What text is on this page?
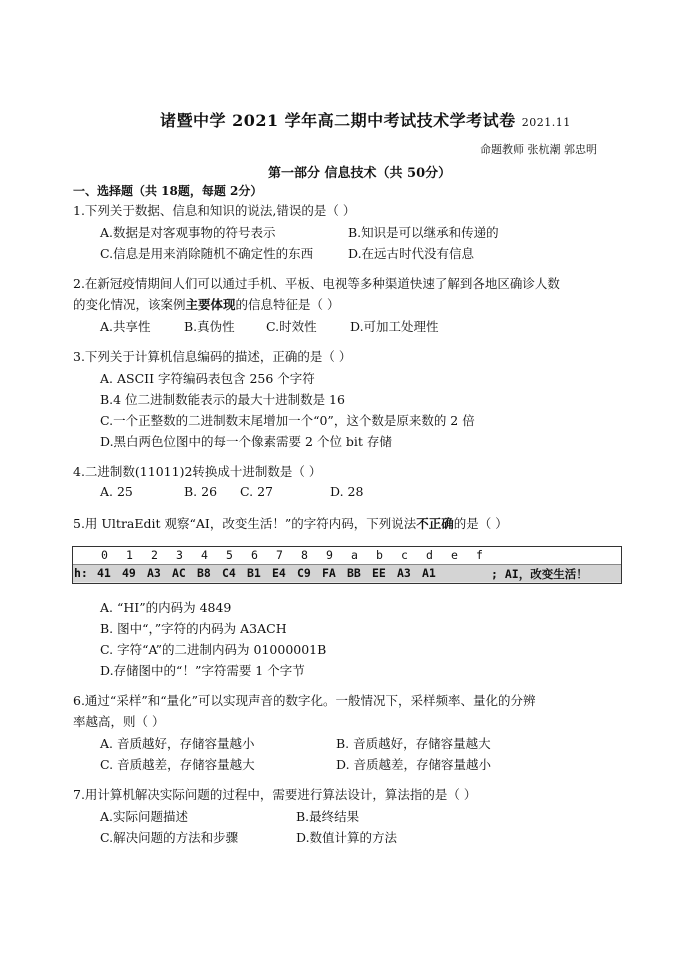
诸暨中学 2021 学年高二期中考试技术学考试卷 2021.11
命题教师 张杭潮 郭忠明
第一部分 信息技术（共 50分）
一、选择题（共 18题，每题 2分）
1.下列关于数据、信息和知识的说法,错误的是（ ）
A.数据是对客观事物的符号表示	B.知识是可以继承和传递的
C.信息是用来消除随机不确定性的东西	D.在远古时代没有信息
2.在新冠疫情期间人们可以通过手机、平板、电视等多种渠道快速了解到各地区确诊人数
的变化情况，该案例主要体现的信息特征是（ ）
A.共享性	B.真伪性	C.时效性	D.可加工处理性
3.下列关于计算机信息编码的描述，正确的是（ ）
A. ASCII 字符编码表包含 256 个字符
B.4 位二进制数能表示的最大十进制数是 16
C.一个正整数的二进制数末尾增加一个“0”，这个数是原来数的 2 倍
D.黑白两色位图中的每一个像素需要 2 个位 bit 存储
4.二进制数(11011)2转换成十进制数是（ ）
A. 25	B. 26 C. 27	D. 28
5.用 UltraEdit 观察“AI，改变生活！”的字符内码，下列说法不正确的是（ ）
0 1 2 3 4 5 6 7 8 9 a b c d e f
h: 41 49 A3 AC B8 C4 B1 E4 C9 FA BB EE A3 A1	; AI，改变生活！
A. “HI”的内码为 4849
B. 图中“，”字符的内码为 A3ACH
C. 字符“A”的二进制内码为 01000001B
D.存储图中的“！”字符需要 1 个字节
6.通过“采样”和“量化”可以实现声音的数字化。一般情况下，采样频率、量化的分辨
率越高，则（ ）
A. 音质越好，存储容量越小	B. 音质越好，存储容量越大
C. 音质越差，存储容量越大	D. 音质越差，存储容量越小
7.用计算机解决实际问题的过程中，需要进行算法设计，算法指的是（ ）
A.实际问题描述	B.最终结果
C.解决问题的方法和步骤	D.数值计算的方法
